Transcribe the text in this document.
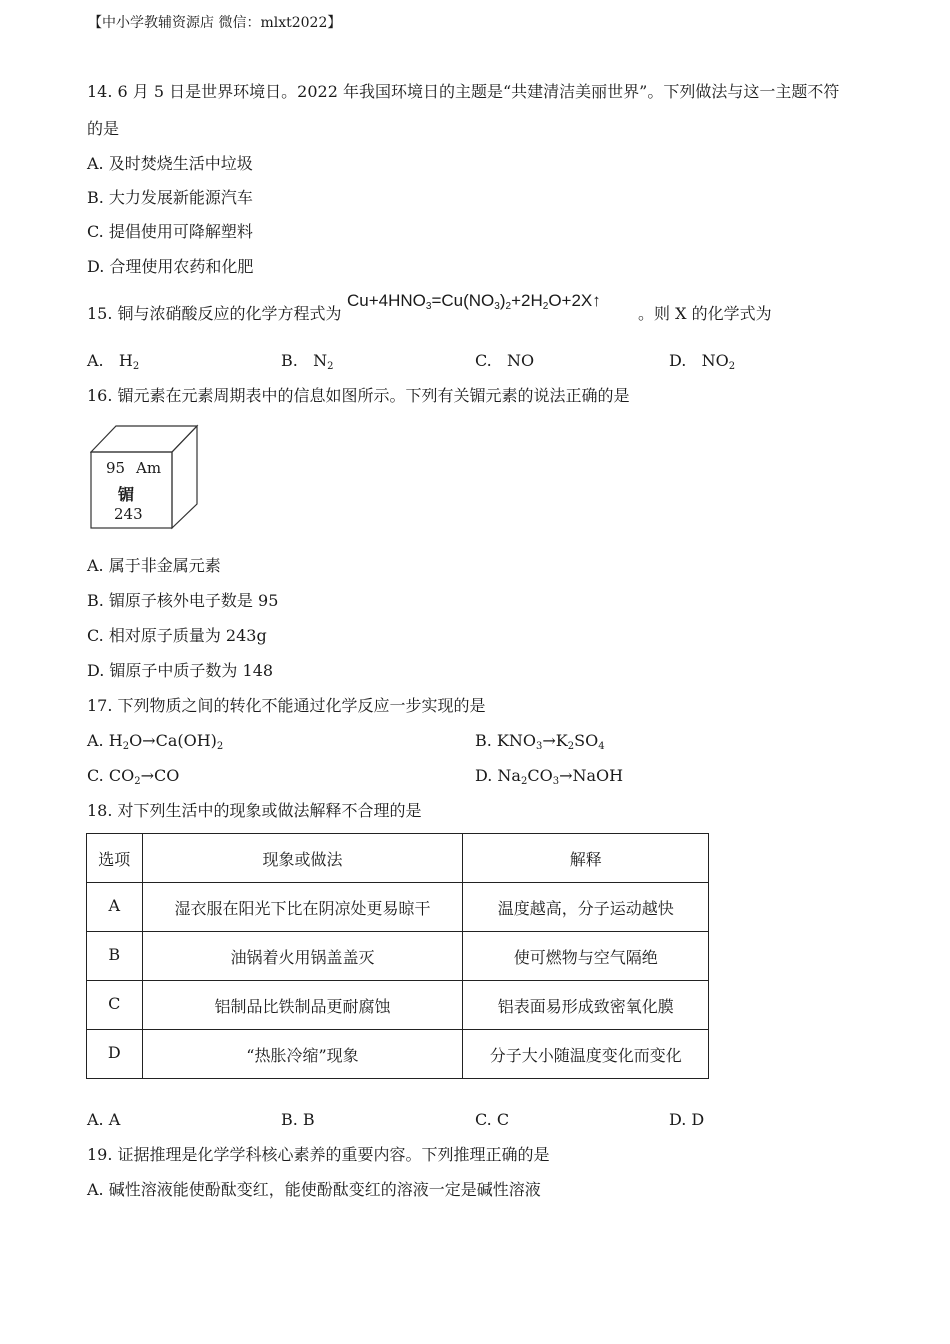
【中小学教辅资源店 微信：mlxt2022】
14. 6 月 5 日是世界环境日。2022 年我国环境日的主题是“共建清洁美丽世界”。下列做法与这一主题不符
的是
A. 及时焚烧生活中垃圾
B. 大力发展新能源汽车
C. 提倡使用可降解塑料
D. 合理使用农药和化肥
15. 铜与浓硝酸反应的化学方程式为
$Cu+4HNO_3=Cu(NO_3)_2+2H_2O+2X↑$
。则 X 的化学式为
A. $H_2$	B. $N_2$	C. NO	D. $NO_2$
16. 镅元素在元素周期表中的信息如图所示。下列有关镅元素的说法正确的是
95 Am
镅
243
A. 属于非金属元素
B. 镅原子核外电子数是 95
C. 相对原子质量为 243g
D. 镅原子中质子数为 148
17. 下列物质之间的转化不能通过化学反应一步实现的是
A. $H_2O\to Ca(OH)_2$	B. $KNO_3\to K_2SO_4$
C. $CO_2\to CO$	D. $Na_2CO_3\to NaOH$
18. 对下列生活中的现象或做法解释不合理的是
选项	现象或做法	解释
A	湿衣服在阳光下比在阴凉处更易晾干	温度越高，分子运动越快
B	油锅着火用锅盖盖灭	使可燃物与空气隔绝
C	铝制品比铁制品更耐腐蚀	铝表面易形成致密氧化膜
D	“热胀冷缩”现象	分子大小随温度变化而变化
A. A	B. B	C. C	D. D
19. 证据推理是化学学科核心素养的重要内容。下列推理正确的是
A. 碱性溶液能使酚酞变红，能使酚酞变红的溶液一定是碱性溶液
